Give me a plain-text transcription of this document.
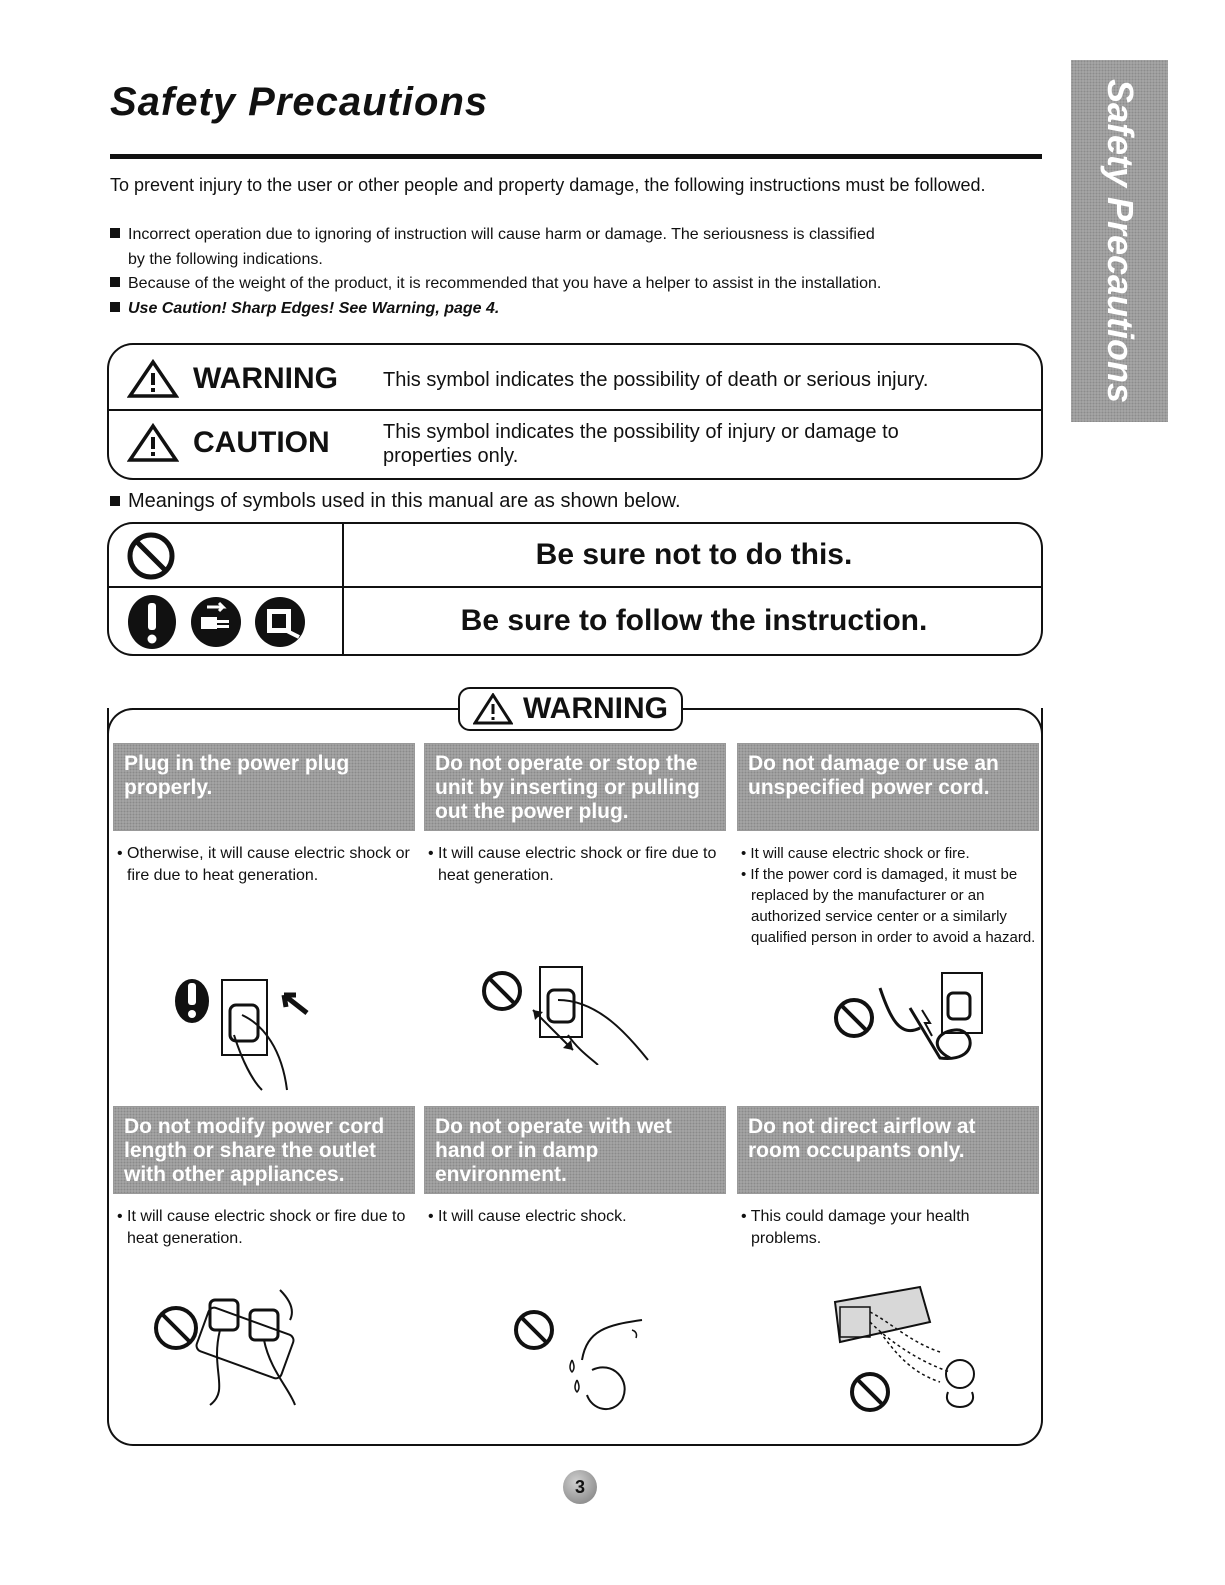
Safety Precautions	Safety Precautions
To prevent injury to the user or other people and property damage, the following instructions must be followed.
Incorrect operation due to ignoring of instruction will cause harm or damage. The seriousness is classified
by the following indications.
Because of the weight of the product, it is recommended that you have a helper to assist in the installation.
Use Caution! Sharp Edges! See Warning, page 4.
WARNING This symbol indicates the possibility of death or serious injury.
CAUTION	This symbol indicates the possibility of injury or damage to properties only.
Meanings of symbols used in this manual are as shown below.
Be sure not to do this.
Be sure to follow the instruction.
WARNING
Plug in the power plug properly.
• Otherwise, it will cause electric shock or fire due to heat generation.
Do not operate or stop the unit by inserting or pulling out the power plug.
• It will cause electric shock or fire due to heat generation.
Do not damage or use an unspecified power cord.
• It will cause electric shock or fire.
• If the power cord is damaged, it must be replaced by the manufacturer or an authorized service center or a similarly qualified person in order to avoid a hazard.
Do not modify power cord length or share the outlet with other appliances.
• It will cause electric shock or fire due to heat generation.
Do not operate with wet hand or in damp environment.
• It will cause electric shock.
Do not direct airflow at room occupants only.
• This could damage your health problems.
3
